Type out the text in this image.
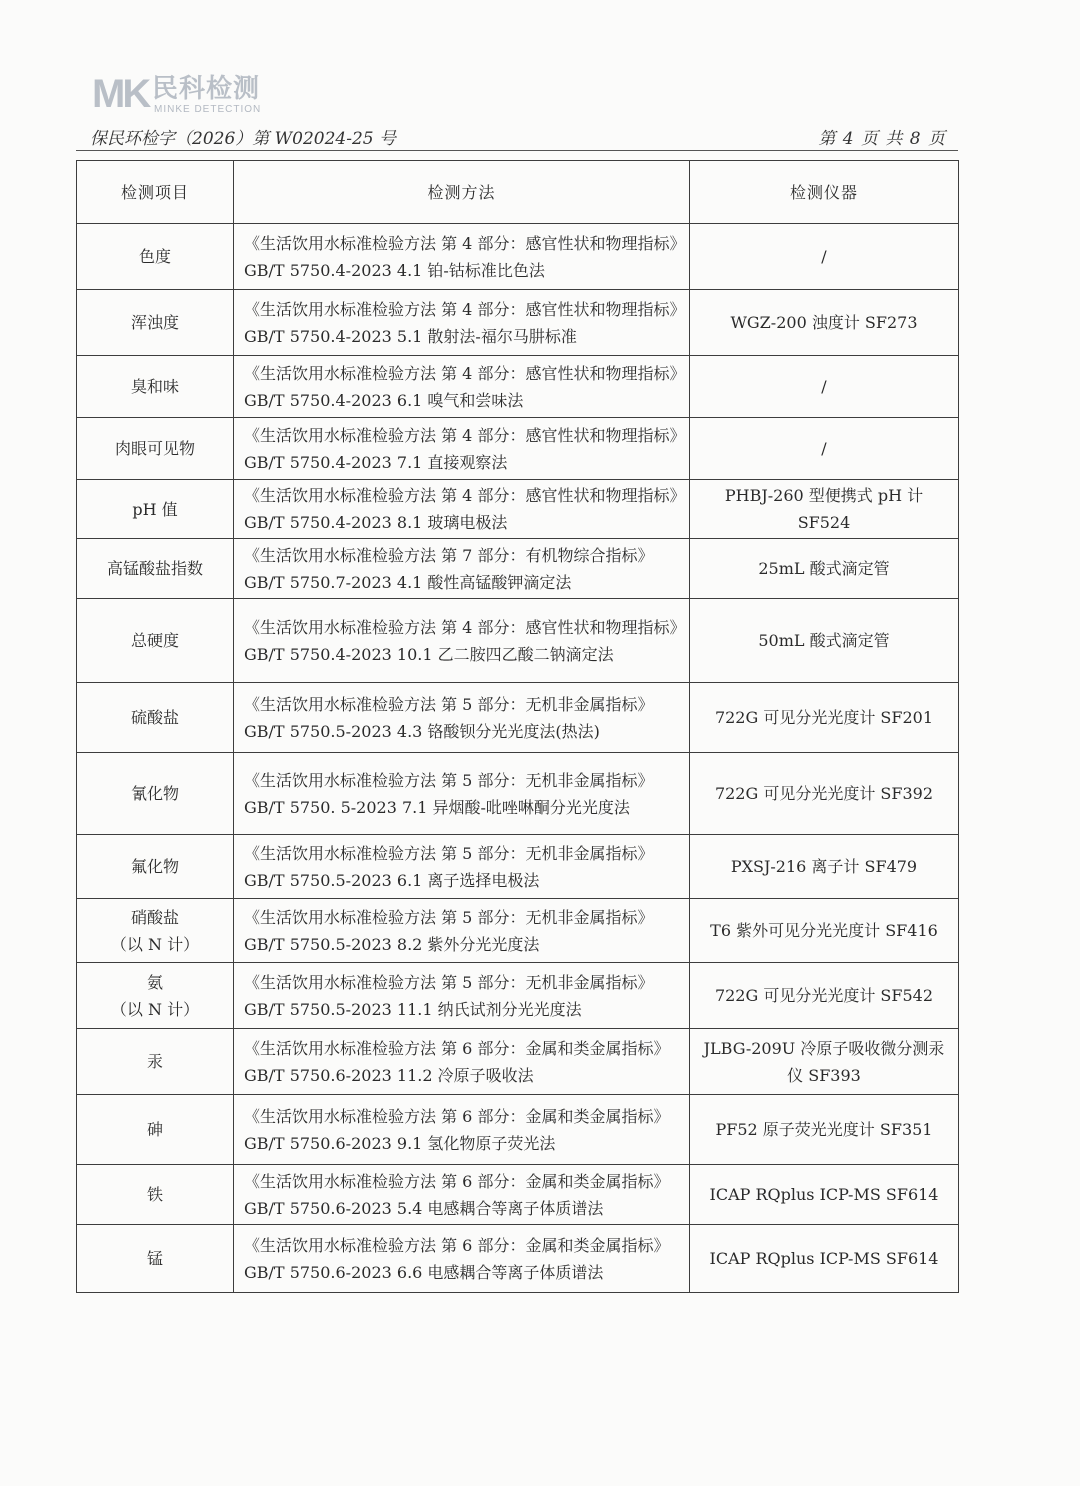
MK 民科检测
MINKE DETECTION
保民环检字（2026）第 W02024-25 号	第 4 页 共 8 页
检测项目	检测方法	检测仪器

色度	《生活饮用水标准检验方法 第 4 部分：感官性状和物理指标》GB/T 5750.4-2023 4.1 铂-钴标准比色法	/

浑浊度	《生活饮用水标准检验方法 第 4 部分：感官性状和物理指标》GB/T 5750.4-2023 5.1 散射法-福尔马肼标准	WGZ-200 浊度计 SF273

臭和味	《生活饮用水标准检验方法 第 4 部分：感官性状和物理指标》GB/T 5750.4-2023 6.1 嗅气和尝味法	/

肉眼可见物	《生活饮用水标准检验方法 第 4 部分：感官性状和物理指标》GB/T 5750.4-2023 7.1 直接观察法	/

pH 值	《生活饮用水标准检验方法 第 4 部分：感官性状和物理指标》GB/T 5750.4-2023 8.1 玻璃电极法	PHBJ-260 型便携式 pH 计 SF524

高锰酸盐指数	《生活饮用水标准检验方法 第 7 部分：有机物综合指标》GB/T 5750.7-2023 4.1 酸性高锰酸钾滴定法	25mL 酸式滴定管

总硬度	《生活饮用水标准检验方法 第 4 部分：感官性状和物理指标》GB/T 5750.4-2023 10.1 乙二胺四乙酸二钠滴定法	50mL 酸式滴定管

硫酸盐	《生活饮用水标准检验方法 第 5 部分：无机非金属指标》GB/T 5750.5-2023 4.3 铬酸钡分光光度法(热法)	722G 可见分光光度计 SF201

氰化物	《生活饮用水标准检验方法 第 5 部分：无机非金属指标》 GB/T 5750. 5-2023 7.1 异烟酸-吡唑啉酮分光光度法	722G 可见分光光度计 SF392

氟化物	《生活饮用水标准检验方法 第 5 部分：无机非金属指标》GB/T 5750.5-2023 6.1 离子选择电极法	PXSJ-216 离子计 SF479

硝酸盐
（以 N 计）	《生活饮用水标准检验方法 第 5 部分：无机非金属指标》GB/T 5750.5-2023 8.2 紫外分光光度法	T6 紫外可见分光光度计 SF416

氨
（以 N 计）	《生活饮用水标准检验方法 第 5 部分：无机非金属指标》GB/T 5750.5-2023 11.1 纳氏试剂分光光度法	722G 可见分光光度计 SF542

汞	《生活饮用水标准检验方法 第 6 部分：金属和类金属指标》GB/T 5750.6-2023 11.2 冷原子吸收法	JLBG-209U 冷原子吸收微分测汞仪 SF393

砷	《生活饮用水标准检验方法 第 6 部分：金属和类金属指标》GB/T 5750.6-2023 9.1 氢化物原子荧光法	PF52 原子荧光光度计 SF351

铁	《生活饮用水标准检验方法 第 6 部分：金属和类金属指标》GB/T 5750.6-2023 5.4 电感耦合等离子体质谱法	ICAP RQplus ICP-MS SF614

锰	《生活饮用水标准检验方法 第 6 部分：金属和类金属指标》GB/T 5750.6-2023 6.6 电感耦合等离子体质谱法	ICAP RQplus ICP-MS SF614
